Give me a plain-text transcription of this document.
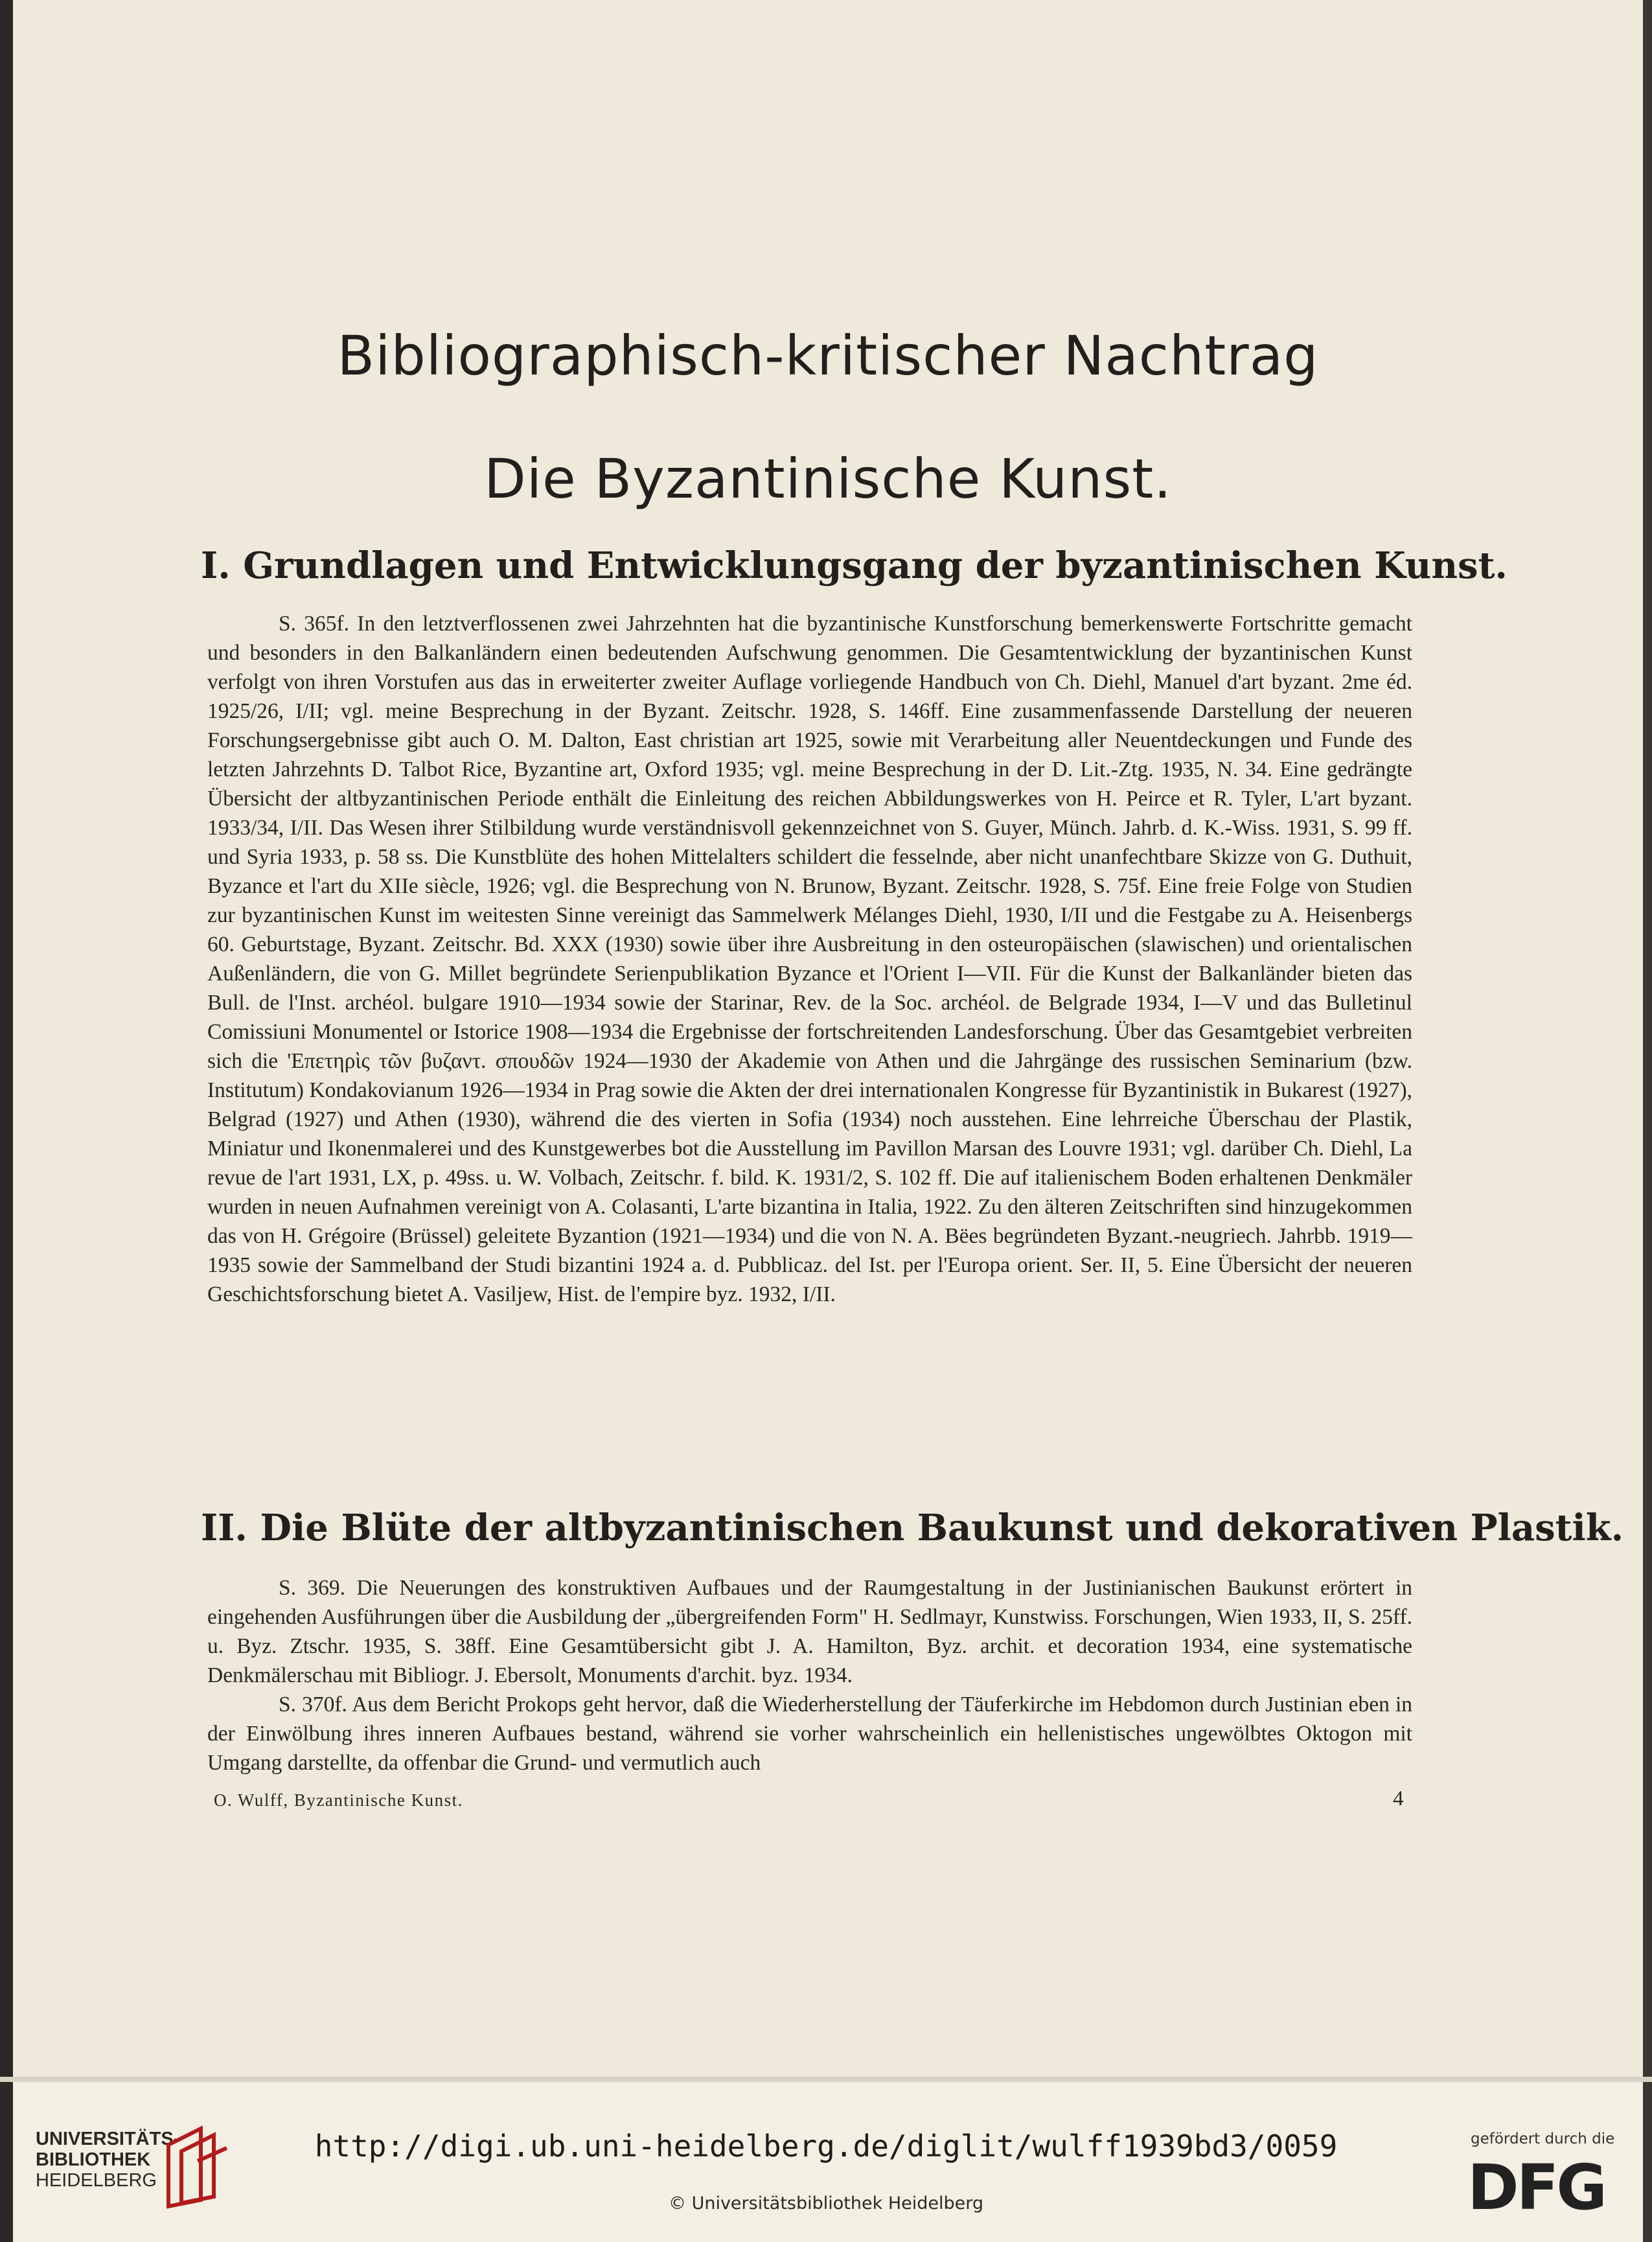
Bibliographisch-kritischer Nachtrag
Die Byzantinische Kunst.
I. Grundlagen und Entwicklungsgang der byzantinischen Kunst.

S. 365f. In den letztverflossenen zwei Jahrzehnten hat die byzantinische Kunstforschung bemerkenswerte Fortschritte gemacht und besonders in den Balkanländern einen bedeutenden Aufschwung genommen. Die Gesamtentwicklung der byzantinischen Kunst verfolgt von ihren Vorstufen aus das in erweiterter zweiter Auflage vorliegende Handbuch von Ch. Diehl, Manuel d'art byzant. 2me éd. 1925/26, I/II; vgl. meine Besprechung in der Byzant. Zeitschr. 1928, S. 146ff. Eine zusammenfassende Darstellung der neueren Forschungsergebnisse gibt auch O. M. Dalton, East christian art 1925, sowie mit Verarbeitung aller Neuentdeckungen und Funde des letzten Jahrzehnts D. Talbot Rice, Byzantine art, Oxford 1935; vgl. meine Besprechung in der D. Lit.-Ztg. 1935, N. 34. Eine gedrängte Übersicht der altbyzantinischen Periode enthält die Einleitung des reichen Abbildungswerkes von H. Peirce et R. Tyler, L'art byzant. 1933/34, I/II. Das Wesen ihrer Stilbildung wurde verständnisvoll gekennzeichnet von S. Guyer, Münch. Jahrb. d. K.-Wiss. 1931, S. 99 ff. und Syria 1933, p. 58 ss. Die Kunstblüte des hohen Mittelalters schildert die fesselnde, aber nicht unanfechtbare Skizze von G. Duthuit, Byzance et l'art du XIIe siècle, 1926; vgl. die Besprechung von N. Brunow, Byzant. Zeitschr. 1928, S. 75f. Eine freie Folge von Studien zur byzantinischen Kunst im weitesten Sinne vereinigt das Sammelwerk Mélanges Diehl, 1930, I/II und die Festgabe zu A. Heisenbergs 60. Geburtstage, Byzant. Zeitschr. Bd. XXX (1930) sowie über ihre Ausbreitung in den osteuropäischen (slawischen) und orientalischen Außenländern, die von G. Millet begründete Serienpublikation Byzance et l'Orient I—VII. Für die Kunst der Balkanländer bieten das Bull. de l'Inst. archéol. bulgare 1910—1934 sowie der Starinar, Rev. de la Soc. archéol. de Belgrade 1934, I—V und das Bulletinul Comissiuni Monumentel or Istorice 1908—1934 die Ergebnisse der fortschreitenden Landesforschung. Über das Gesamtgebiet verbreiten sich die 'Επετηρὶς τῶν βυζαντ. σπουδῶν 1924—1930 der Akademie von Athen und die Jahrgänge des russischen Seminarium (bzw. Institutum) Kondakovianum 1926—1934 in Prag sowie die Akten der drei internationalen Kongresse für Byzantinistik in Bukarest (1927), Belgrad (1927) und Athen (1930), während die des vierten in Sofia (1934) noch ausstehen. Eine lehrreiche Überschau der Plastik, Miniatur und Ikonenmalerei und des Kunstgewerbes bot die Ausstellung im Pavillon Marsan des Louvre 1931; vgl. darüber Ch. Diehl, La revue de l'art 1931, LX, p. 49ss. u. W. Volbach, Zeitschr. f. bild. K. 1931/2, S. 102 ff. Die auf italienischem Boden erhaltenen Denkmäler wurden in neuen Aufnahmen vereinigt von A. Colasanti, L'arte bizantina in Italia, 1922. Zu den älteren Zeitschriften sind hinzugekommen das von H. Grégoire (Brüssel) geleitete Byzantion (1921—1934) und die von N. A. Bëes begründeten Byzant.-neugriech. Jahrbb. 1919—1935 sowie der Sammelband der Studi bizantini 1924 a. d. Pubblicaz. del Ist. per l'Europa orient. Ser. II, 5. Eine Übersicht der neueren Geschichtsforschung bietet A. Vasiljew, Hist. de l'empire byz. 1932, I/II.

II. Die Blüte der altbyzantinischen Baukunst und dekorativen Plastik.

S. 369. Die Neuerungen des konstruktiven Aufbaues und der Raumgestaltung in der Justinianischen Baukunst erörtert in eingehenden Ausführungen über die Ausbildung der „übergreifenden Form" H. Sedlmayr, Kunstwiss. Forschungen, Wien 1933, II, S. 25ff. u. Byz. Ztschr. 1935, S. 38ff. Eine Gesamtübersicht gibt J. A. Hamilton, Byz. archit. et decoration 1934, eine systematische Denkmälerschau mit Bibliogr. J. Ebersolt, Monuments d'archit. byz. 1934.

S. 370f. Aus dem Bericht Prokops geht hervor, daß die Wiederherstellung der Täuferkirche im Hebdomon durch Justinian eben in der Einwölbung ihres inneren Aufbaues bestand, während sie vorher wahrscheinlich ein hellenistisches ungewölbtes Oktogon mit Umgang darstellte, da offenbar die Grund- und vermutlich auch

O. Wulff, Byzantinische Kunst.	4
UNIVERSITÄTS-
BIBLIOTHEK
HEIDELBERG
http://digi.ub.uni-heidelberg.de/diglit/wulff1939bd3/0059
© Universitätsbibliothek Heidelberg
gefördert durch die
DFG
